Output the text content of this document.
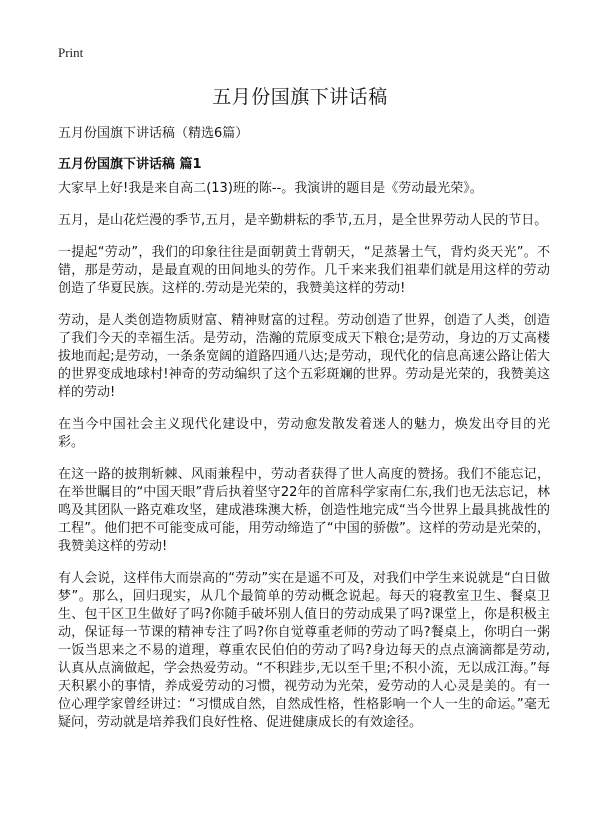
Print
五月份国旗下讲话稿
五月份国旗下讲话稿（精选6篇）
五月份国旗下讲话稿 篇1

大家早上好!我是来自高二(13)班的陈--。我演讲的题目是《劳动最光荣》。

五月，是山花烂漫的季节,五月，是辛勤耕耘的季节,五月，是全世界劳动人民的节日。

一提起“劳动”，我们的印象往往是面朝黄土背朝天，“足蒸暑土气，背灼炎天光”。不错，那是劳动，是最直观的田间地头的劳作。几千来来我们祖辈们就是用这样的劳动创造了华夏民族。这样的.劳动是光荣的，我赞美这样的劳动!

劳动，是人类创造物质财富、精神财富的过程。劳动创造了世界，创造了人类，创造了我们今天的幸福生活。是劳动，浩瀚的荒原变成天下粮仓;是劳动，身边的万丈高楼拔地而起;是劳动，一条条宽阔的道路四通八达;是劳动，现代化的信息高速公路让偌大的世界变成地球村!神奇的劳动编织了这个五彩斑斓的世界。劳动是光荣的，我赞美这样的劳动!

在当今中国社会主义现代化建设中，劳动愈发散发着迷人的魅力，焕发出夺目的光彩。

在这一路的披荆斩棘、风雨兼程中，劳动者获得了世人高度的赞扬。我们不能忘记，在举世瞩目的“中国天眼”背后执着坚守22年的首席科学家南仁东,我们也无法忘记，林鸣及其团队一路克难攻坚，建成港珠澳大桥，创造性地完成“当今世界上最具挑战性的工程”。他们把不可能变成可能，用劳动缔造了“中国的骄傲”。这样的劳动是光荣的，我赞美这样的劳动!

有人会说，这样伟大而崇高的“劳动”实在是遥不可及，对我们中学生来说就是“白日做梦”。那么，回归现实，从几个最简单的劳动概念说起。每天的寝教室卫生、餐桌卫生、包干区卫生做好了吗?你随手破坏别人值日的劳动成果了吗?课堂上，你是积极主动，保证每一节课的精神专注了吗?你自觉尊重老师的劳动了吗?餐桌上，你明白一粥一饭当思来之不易的道理，尊重农民伯伯的劳动了吗?身边每天的点点滴滴都是劳动,认真从点滴做起，学会热爱劳动。“不积跬步,无以至千里;不积小流，无以成江海。”每天积累小的事情，养成爱劳动的习惯，视劳动为光荣，爱劳动的人心灵是美的。有一位心理学家曾经讲过：“习惯成自然，自然成性格，性格影响一个人一生的命运。”毫无疑问，劳动就是培养我们良好性格、促进健康成长的有效途径。
